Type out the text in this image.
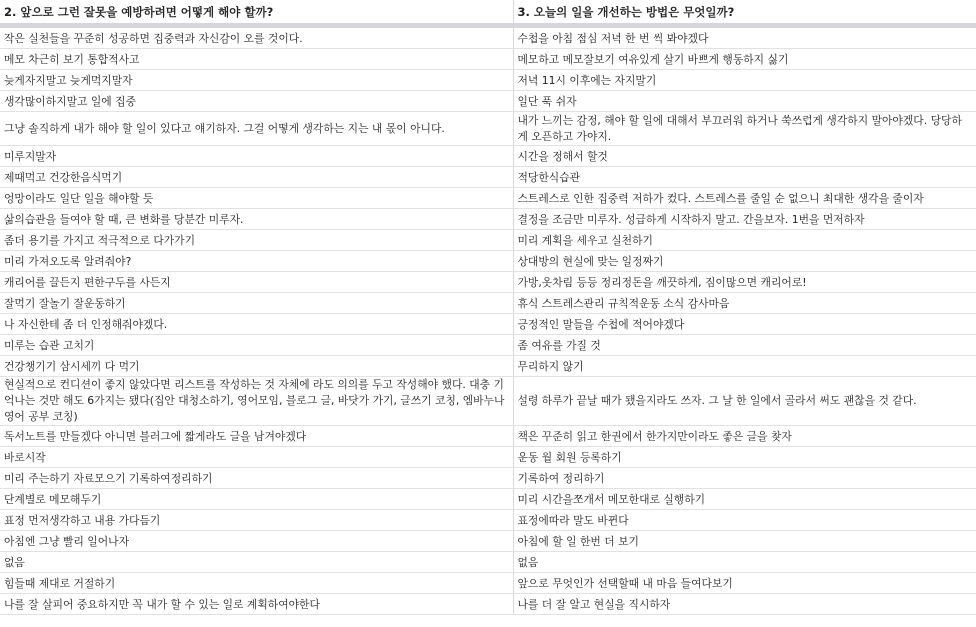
2. 앞으로 그런 잘못을 예방하려면 어떻게 해야 할까?	3. 오늘의 일을 개선하는 방법은 무엇일까?
작은 실천들을 꾸준히 성공하면 집중력과 자신감이 오를 것이다.	수첩을 아침 점심 저녁 한 번 씩 봐야겠다
메모 차근히 보기 통합적사고	메모하고 메모잘보기 여유있게 살기 바쁘게 행동하지 싫기
늦게자지말고 늦게먹지말자	저녁 11시 이후에는 자지말기
생각많이하지말고 일에 집중	일단 푹 쉬자
그냥 솔직하게 내가 해야 할 일이 있다고 얘기하자. 그걸 어떻게 생각하는 지는 내 몫이 아니다.	내가 느끼는 감정, 해야 할 일에 대해서 부끄러워 하거나 쑥쓰럽게 생각하지 말아야겠다. 당당하게 오픈하고 가야지.
미루지말자	시간을 정해서 할것
제때먹고 건강한음식먹기	적당한식습관
엉망이라도 일단 일을 해야할 듯	스트레스로 인한 집중력 저하가 컸다. 스트레스를 줄일 순 없으니 최대한 생각을 줄이자
삶의습관을 들여야 할 때, 큰 변화를 당분간 미루자.	결정을 조금만 미루자. 성급하게 시작하지 말고. 간을보자. 1번을 먼저하자
좀더 용기를 가지고 적극적으로 다가가기	미리 계획을 세우고 실천하기
미리 가져오도록 알려줘야?	상대방의 현실에 맞는 일정짜기
캐리어를 끌든지 편한구두를 사든지	가방,옷차림 등등 정리정돈을 깨끗하게, 짐이많으면 캐리어로!
잘먹기 잘놀기 잘운동하기	휴식 스트레스관리 규칙적운동 소식 감사마음
나 자신한테 좀 더 인정해줘야겠다.	긍정적인 말들을 수첩에 적어야겠다
미루는 습관 고치기	좀 여유를 가질 것
건강챙기기 삼시세끼 다 먹기	무리하지 않기
현실적으로 컨디션이 좋지 않았다면 리스트를 작성하는 것 자체에 라도 의의를 두고 작성해야 했다. 대충 기억나는 것만 해도 6가지는 됐다(집안 대청소하기, 영어모임, 블로그 글, 바닷가 가기, 글쓰기 코칭, 엠바누나 영어 공부 코칭)	설령 하루가 끝날 때가 됐을지라도 쓰자. 그 날 한 일에서 골라서 써도 괜찮을 것 같다.
독서노트를 만들겠다 아니면 블러그에 짧게라도 글을 남겨야겠다	책은 꾸준히 읽고 한권에서 한가지만이라도 좋은 글을 찾자
바로시작	운동 월 회원 등록하기
미리 주는하기 자료모으기 기록하여정리하기	기록하여 정리하기
단계별로 메모해두기	미리 시간을쪼개서 메모한대로 실행하기
표정 먼저생각하고 내용 가다듬기	표정에따라 말도 바뀐다
아침엔 그냥 빨리 일어나자	아침에 할 일 한번 더 보기
없음	없음
힘들때 제대로 거절하기	앞으로 무엇인가 선택할때 내 마음 들여다보기
나를 잘 살피어 중요하지만 꼭 내가 할 수 있는 일로 계획하여야한다	나를 더 잘 알고 현실을 직시하자
